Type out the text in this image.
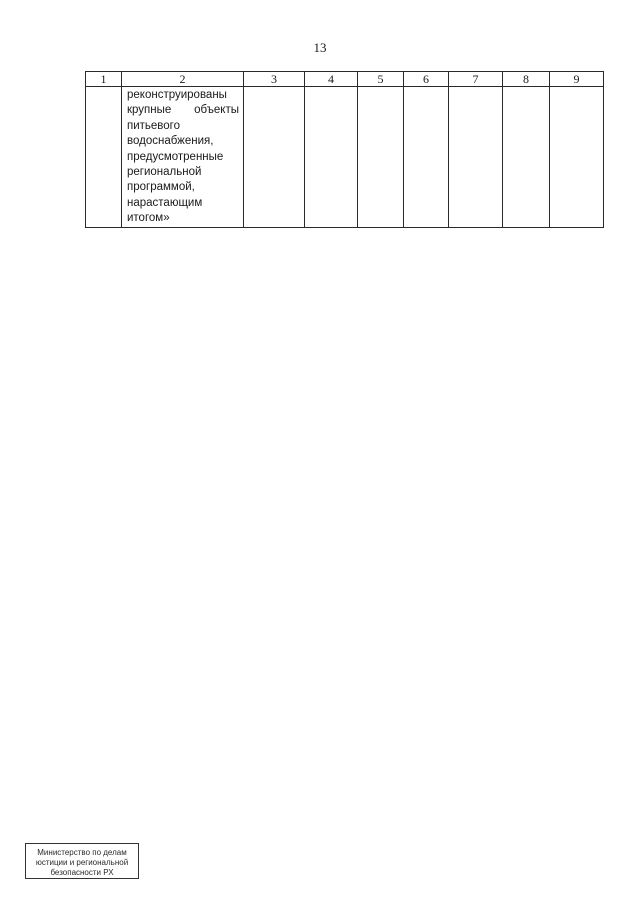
13
1	2	3	4	5	6	7	8	9

	реконструированы крупные объекты питьевого водоснабжения, предусмотренные региональной программой, нарастающим итогом»							

Министерство по делам
юстиции и региональной
безопасности РХ
